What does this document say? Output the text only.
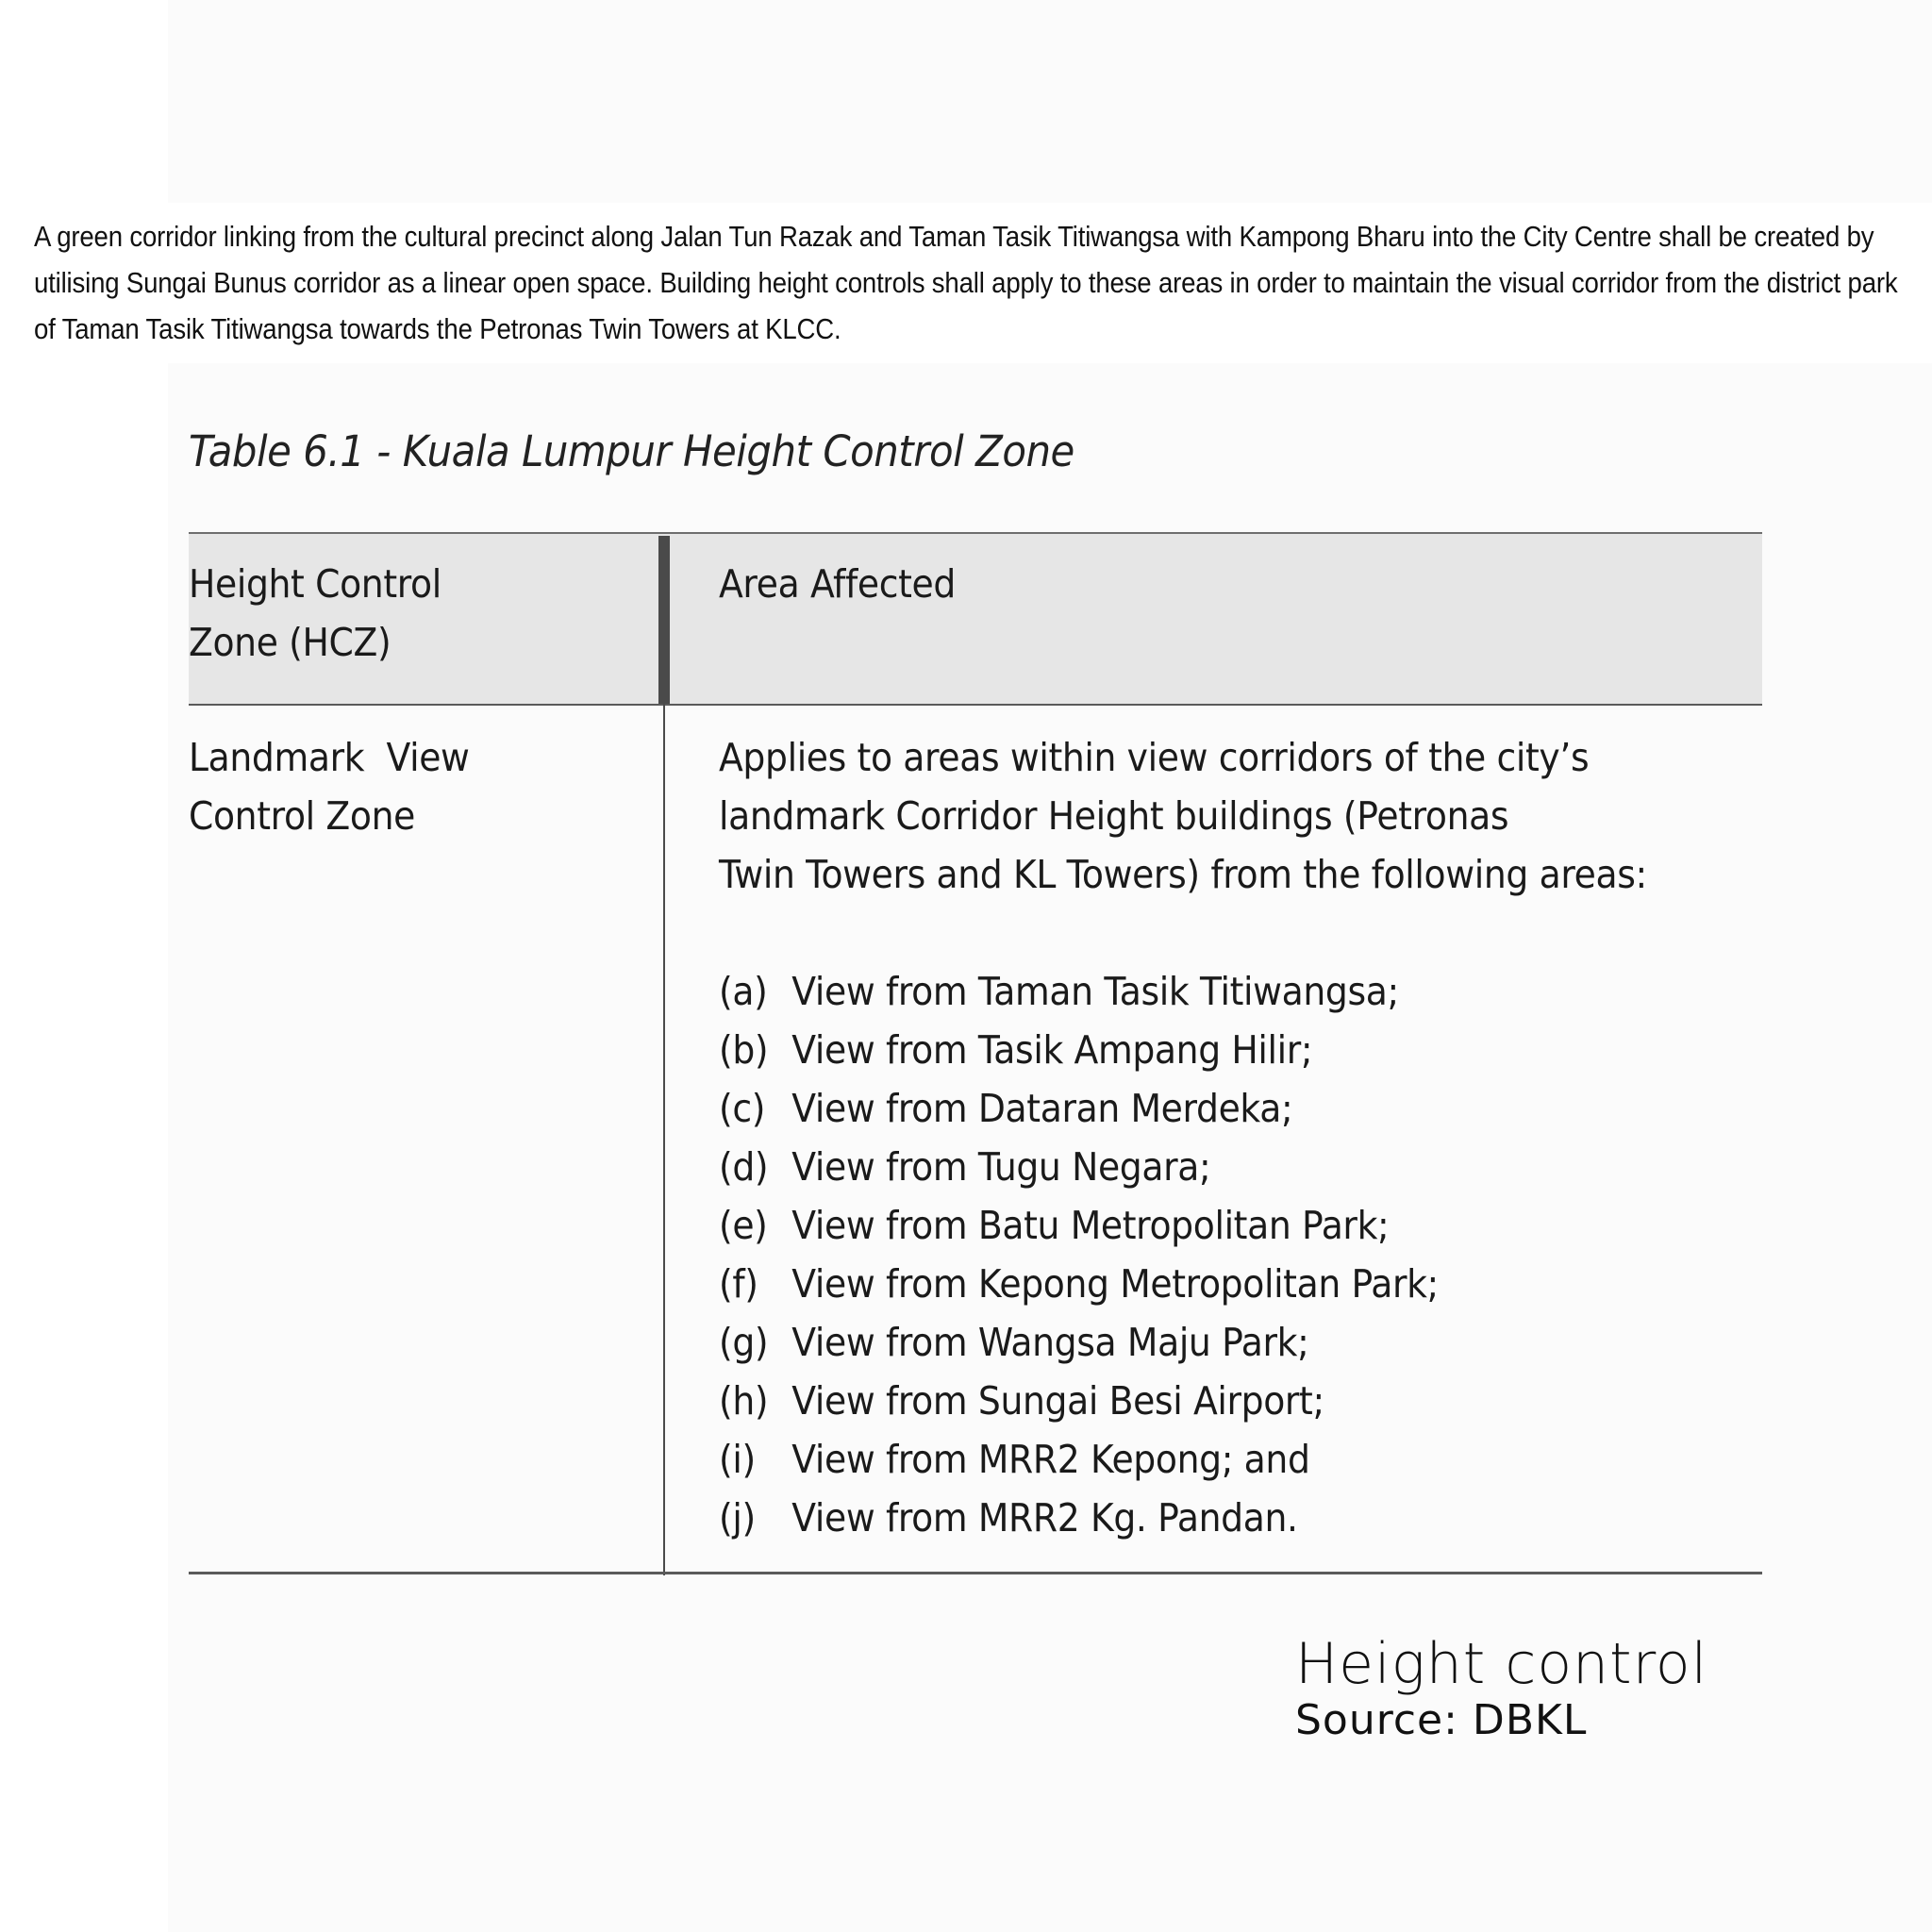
A green corridor linking from the cultural precinct along Jalan Tun Razak and Taman Tasik Titiwangsa with Kampong Bharu into the City Centre shall be created by
utilising Sungai Bunus corridor as a linear open space. Building height controls shall apply to these areas in order to maintain the visual corridor from the district park
of Taman Tasik Titiwangsa towards the Petronas Twin Towers at KLCC.
Table 6.1 - Kuala Lumpur Height Control Zone
Height Control
Zone (HCZ)
Area Affected
Landmark  View
Control Zone
Applies to areas within view corridors of the city’s
landmark Corridor Height buildings (Petronas
Twin Towers and KL Towers) from the following areas:
(a) View from Taman Tasik Titiwangsa;
(b) View from Tasik Ampang Hilir;
(c) View from Dataran Merdeka;
(d) View from Tugu Negara;
(e) View from Batu Metropolitan Park;
(f) View from Kepong Metropolitan Park;
(g) View from Wangsa Maju Park;
(h) View from Sungai Besi Airport;
(i) View from MRR2 Kepong; and
(j) View from MRR2 Kg. Pandan.
Height control
Source: DBKL
